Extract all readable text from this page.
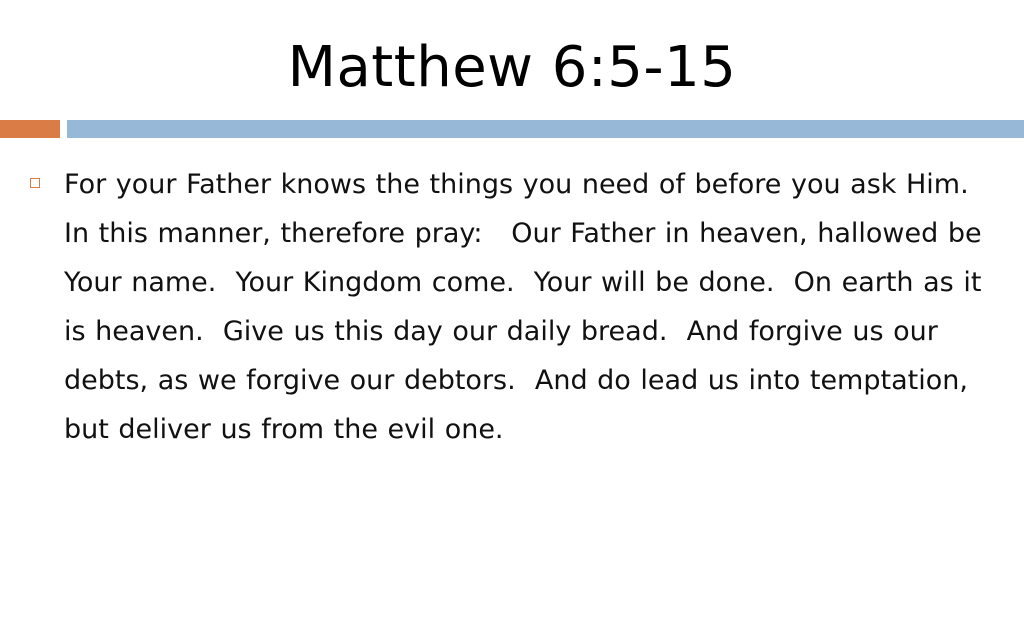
Matthew 6:5-15
For your Father knows the things you need of before you ask Him. In this manner, therefore pray:   Our Father in heaven, hallowed be Your name.  Your Kingdom come.  Your will be done.  On earth as it is heaven.  Give us this day our daily bread.  And forgive us our debts, as we forgive our debtors.  And do lead us into temptation, but deliver us from the evil one.
